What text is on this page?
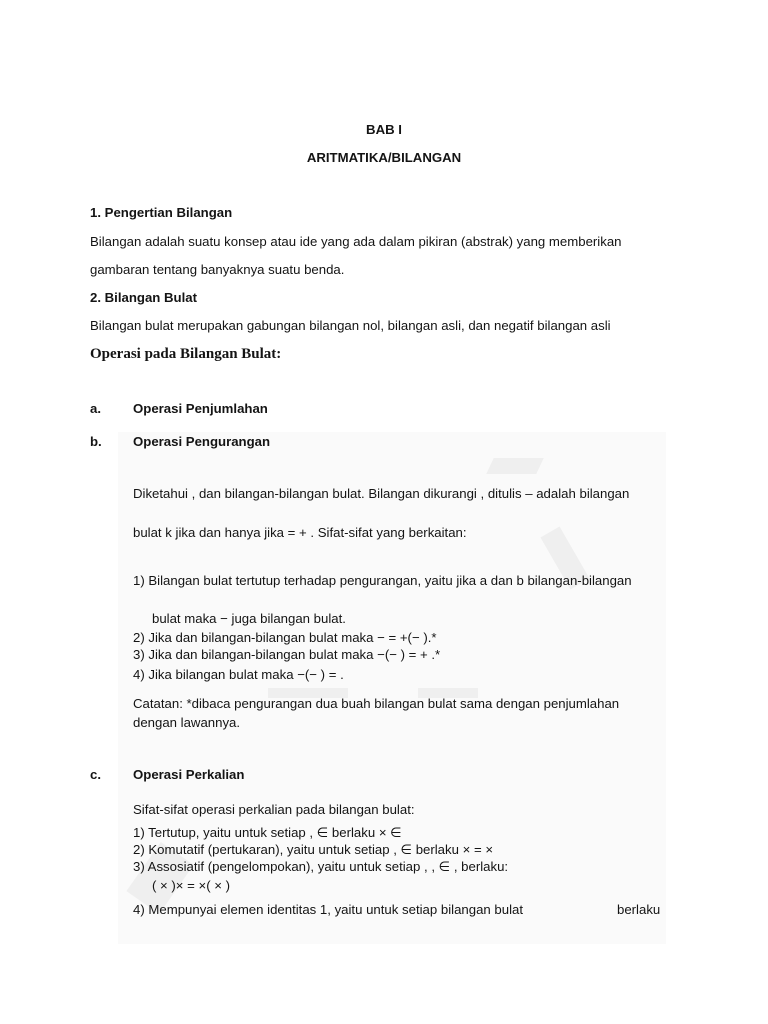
BAB I
ARITMATIKA/BILANGAN
1. Pengertian Bilangan
Bilangan adalah suatu konsep atau ide yang ada dalam pikiran (abstrak) yang memberikan
gambaran tentang banyaknya suatu benda.
2. Bilangan Bulat
Bilangan bulat merupakan gabungan bilangan nol, bilangan asli, dan negatif bilangan asli
Operasi pada Bilangan Bulat:
a. Operasi Penjumlahan
b. Operasi Pengurangan
Diketahui , dan bilangan-bilangan bulat. Bilangan dikurangi , ditulis – adalah bilangan
bulat k jika dan hanya jika = + . Sifat-sifat yang berkaitan:
1) Bilangan bulat tertutup terhadap pengurangan, yaitu jika a dan b bilangan-bilangan
bulat maka − juga bilangan bulat.
2) Jika dan bilangan-bilangan bulat maka − = +(− ).*
3) Jika dan bilangan-bilangan bulat maka −(− ) = + .*
4) Jika bilangan bulat maka −(− ) = .
Catatan: *dibaca pengurangan dua buah bilangan bulat sama dengan penjumlahan
dengan lawannya.
c. Operasi Perkalian
Sifat-sifat operasi perkalian pada bilangan bulat:
1) Tertutup, yaitu untuk setiap , ∈ berlaku × ∈
2) Komutatif (pertukaran), yaitu untuk setiap , ∈ berlaku × = ×
3) Assosiatif (pengelompokan), yaitu untuk setiap , , ∈ , berlaku:
( × )× = ×( × )
4) Mempunyai elemen identitas 1, yaitu untuk setiap bilangan bulat	berlaku
